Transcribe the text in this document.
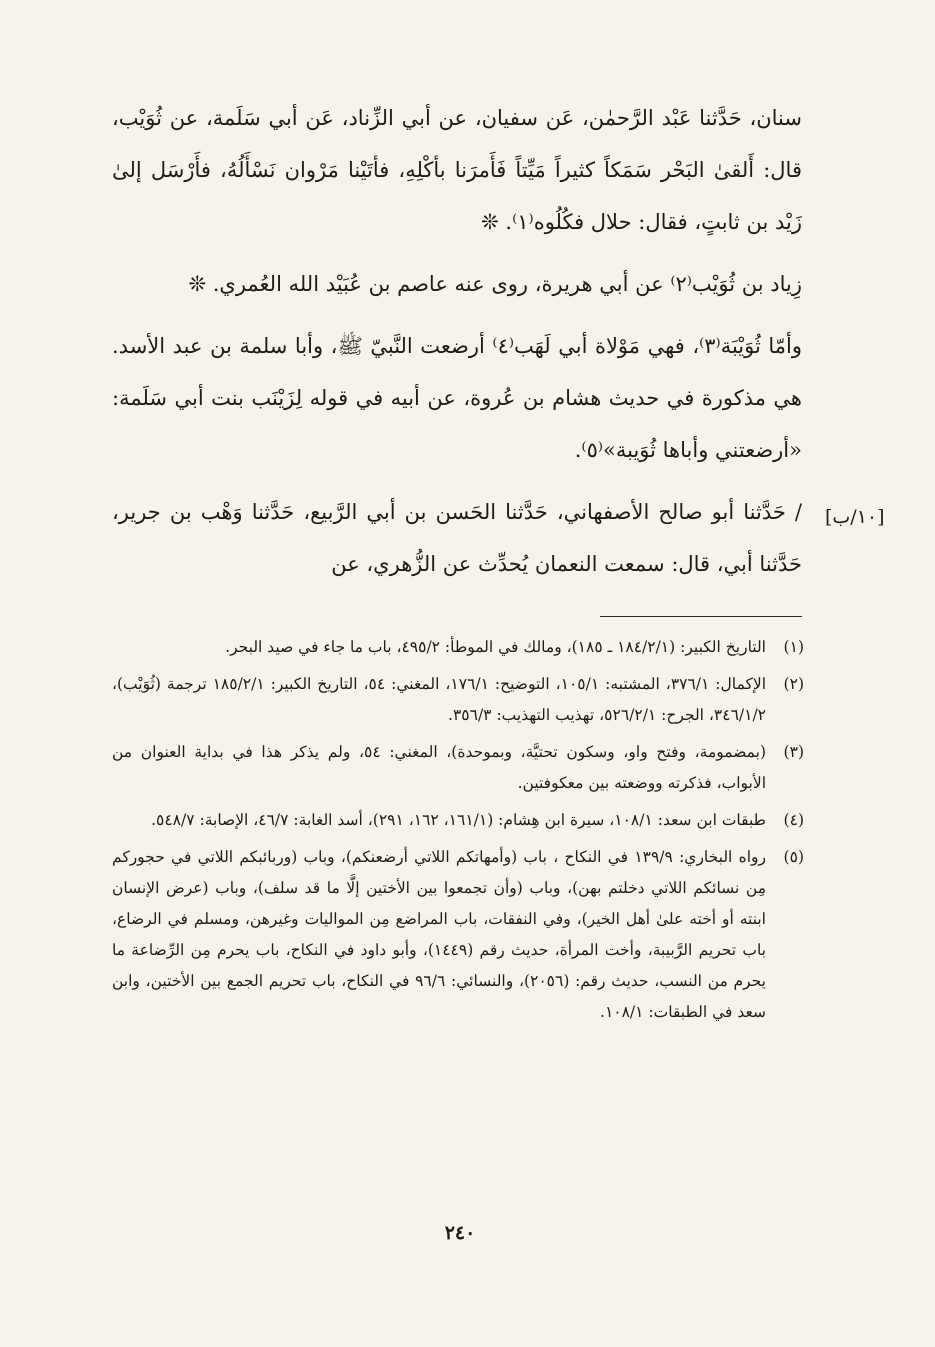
سنان، حَدَّثنا عَبْد الرَّحمٰن، عَن سفيان، عن أبي الزِّناد، عَن أبي سَلَمة، عن ثُوَيْب، قال: أَلقىٰ البَحْر سَمَكاً كثيراً مَيِّتاً فَأَمرَنا بأكْلِهِ، فأتَيْنا مَرْوان نَسْأَلُهُ، فأَرْسَل إلىٰ زَيْد بن ثابتٍ، فقال: حلال فكُلُوه⁽١⁾. ❊

زِياد بن ثُوَيْب⁽٢⁾ عن أبي هريرة، روى عنه عاصم بن عُبَيْد الله العُمري. ❊

وأمّا ثُوَيْبَة⁽٣⁾، فهي مَوْلاة أبي لَهَب⁽٤⁾ أرضعت النَّبيّ ﷺ، وأبا سلمة بن عبد الأسد. هي مذكورة في حديث هشام بن عُروة، عن أبيه في قوله لِزَيْنَب بنت أبي سَلَمة: «أرضعتني وأباها ثُوَيبة»⁽٥⁾.

/ حَدَّثنا أبو صالح الأصفهاني، حَدَّثنا الحَسن بن أبي الرَّبيع، حَدَّثنا وَهْب بن جرير، حَدَّثنا أبي، قال: سمعت النعمان يُحدِّث عن الزُّهري، عن

[١٠/ب]
(١)
التاريخ الكبير: (١٨٤/٢/١ ـ ١٨٥)، ومالك في الموطأ: ٤٩٥/٢، باب ما جاء في صيد البحر.
(٢)
الإكمال: ٣٧٦/١، المشتبه: ١٠٥/١، التوضيح: ١٧٦/١، المغني: ٥٤، التاريخ الكبير: ١٨٥/٢/١ ترجمة (ثُوَيْب)، ٣٤٦/١/٢، الجرح: ٥٢٦/٢/١، تهذيب التهذيب: ٣٥٦/٣.
(٣)
(بمضمومة، وفتح واو، وسكون تحتيَّة، وبموحدة)، المغني: ٥٤، ولم يذكر هذا في بداية العنوان من الأبواب، فذكرته ووضعته بين معكوفتين.
(٤)
طبقات ابن سعد: ١٠٨/١، سيرة ابن هِشام: (١٦١/١، ١٦٢، ٢٩١)، أسد الغابة: ٤٦/٧، الإصابة: ٥٤٨/٧.
(٥)
رواه البخاري: ١٣٩/٩ في النكاح ، باب (وأمهاتكم اللاتي أرضعنكم)، وباب (وربائبكم اللاتي في حجوركم مِن نسائكم اللاتي دخلتم بهن)، وباب (وأن تجمعوا بين الأختين إلَّا ما قد سلف)، وباب (عرض الإنسان ابنته أو أخته علىٰ أهل الخير)، وفي النفقات، باب المراضع مِن المواليات وغيرهن، ومسلم في الرضاع، باب تحريم الرَّبيبة، وأخت المرأة، حديث رقم (١٤٤٩)، وأبو داود في النكاح، باب يحرم مِن الرِّضاعة ما يحرم من النسب، حديث رقم: (٢٠٥٦)، والنسائي: ٩٦/٦ في النكاح، باب تحريم الجمع بين الأختين، وابن سعد في الطبقات: ١٠٨/١.
٢٤٠
